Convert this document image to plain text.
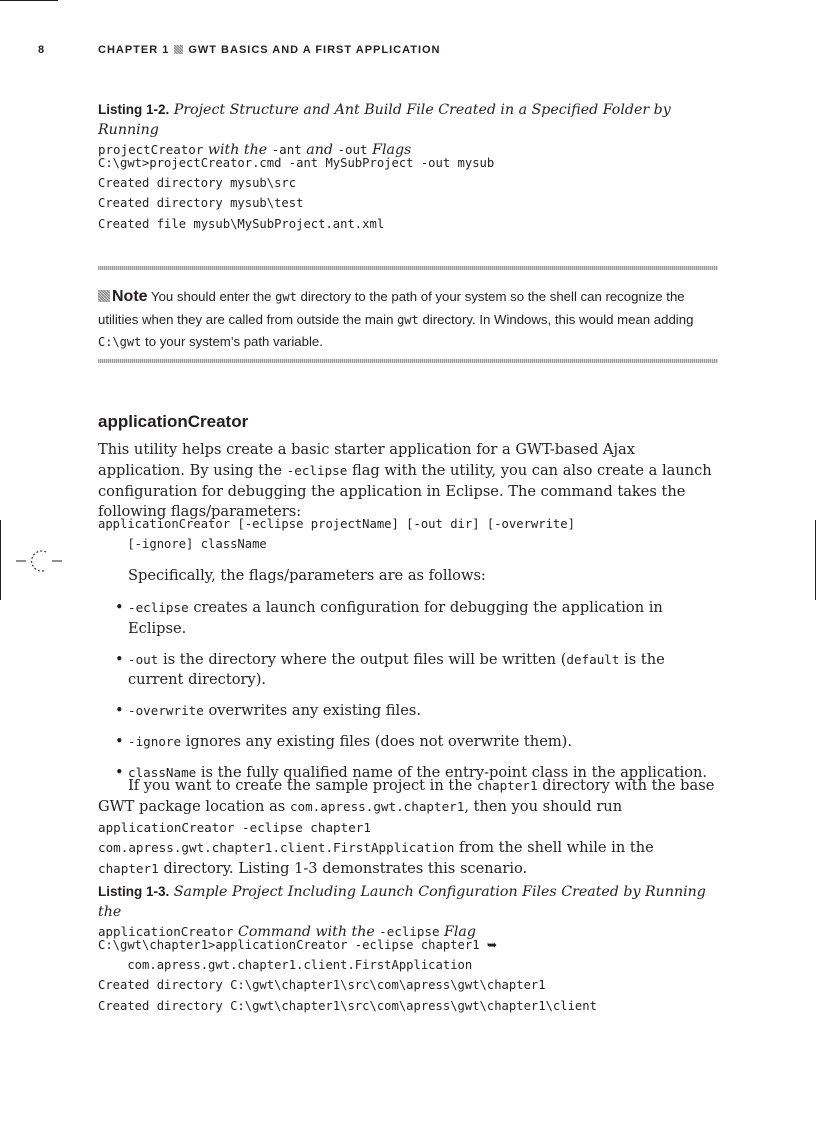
8	CHAPTER 1 GWT BASICS AND A FIRST APPLICATION
Listing 1-2. Project Structure and Ant Build File Created in a Specified Folder by Running
projectCreator with the -ant and -out Flags
C:\gwt>projectCreator.cmd -ant MySubProject -out mysub
Created directory mysub\src
Created directory mysub\test
Created file mysub\MySubProject.ant.xml
Note You should enter the gwt directory to the path of your system so the shell can recognize the utilities when they are called from outside the main gwt directory. In Windows, this would mean adding C:\gwt to your system’s path variable.
applicationCreator
This utility helps create a basic starter application for a GWT-based Ajax application. By using the -eclipse flag with the utility, you can also create a launch configuration for debugging the application in Eclipse. The command takes the following flags/parameters:
applicationCreator [-eclipse projectName] [-out dir] [-overwrite]
[-ignore] className
Specifically, the flags/parameters are as follows:
• -eclipse creates a launch configuration for debugging the application in Eclipse.
• -out is the directory where the output files will be written (default is the current directory).
• -overwrite overwrites any existing files.
• -ignore ignores any existing files (does not overwrite them).
• className is the fully qualified name of the entry-point class in the application.
If you want to create the sample project in the chapter1 directory with the base GWT package location as com.apress.gwt.chapter1, then you should run applicationCreator -eclipse chapter1 com.apress.gwt.chapter1.client.FirstApplication from the shell while in the chapter1 directory. Listing 1-3 demonstrates this scenario.
Listing 1-3. Sample Project Including Launch Configuration Files Created by Running the
applicationCreator Command with the -eclipse Flag
C:\gwt\chapter1>applicationCreator -eclipse chapter1 ➥
com.apress.gwt.chapter1.client.FirstApplication
Created directory C:\gwt\chapter1\src\com\apress\gwt\chapter1
Created directory C:\gwt\chapter1\src\com\apress\gwt\chapter1\client
